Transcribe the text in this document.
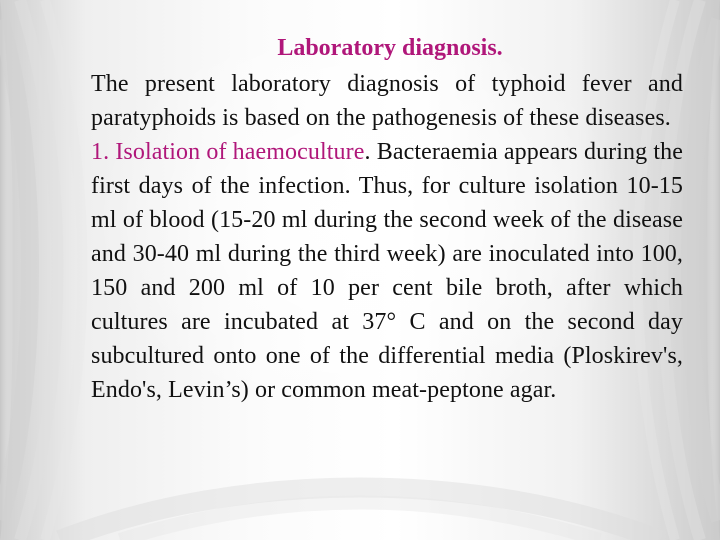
Laboratory diagnosis.

The present laboratory diagnosis of typhoid fever and paratyphoids is based on the pathogenesis of these diseases.

1. Isolation of haemoculture. Bacteraemia appears during the first days of the infection. Thus, for culture isolation 10-15 ml of blood (15-20 ml during the second week of the disease and 30-40 ml during the third week) are inoculated into 100, 150 and 200 ml of 10 per cent bile broth, after which cultures are incubated at 37° C and on the second day subcultured onto one of the differential media (Ploskirev's, Endo's, Levin’s) or common meat-peptone agar.
